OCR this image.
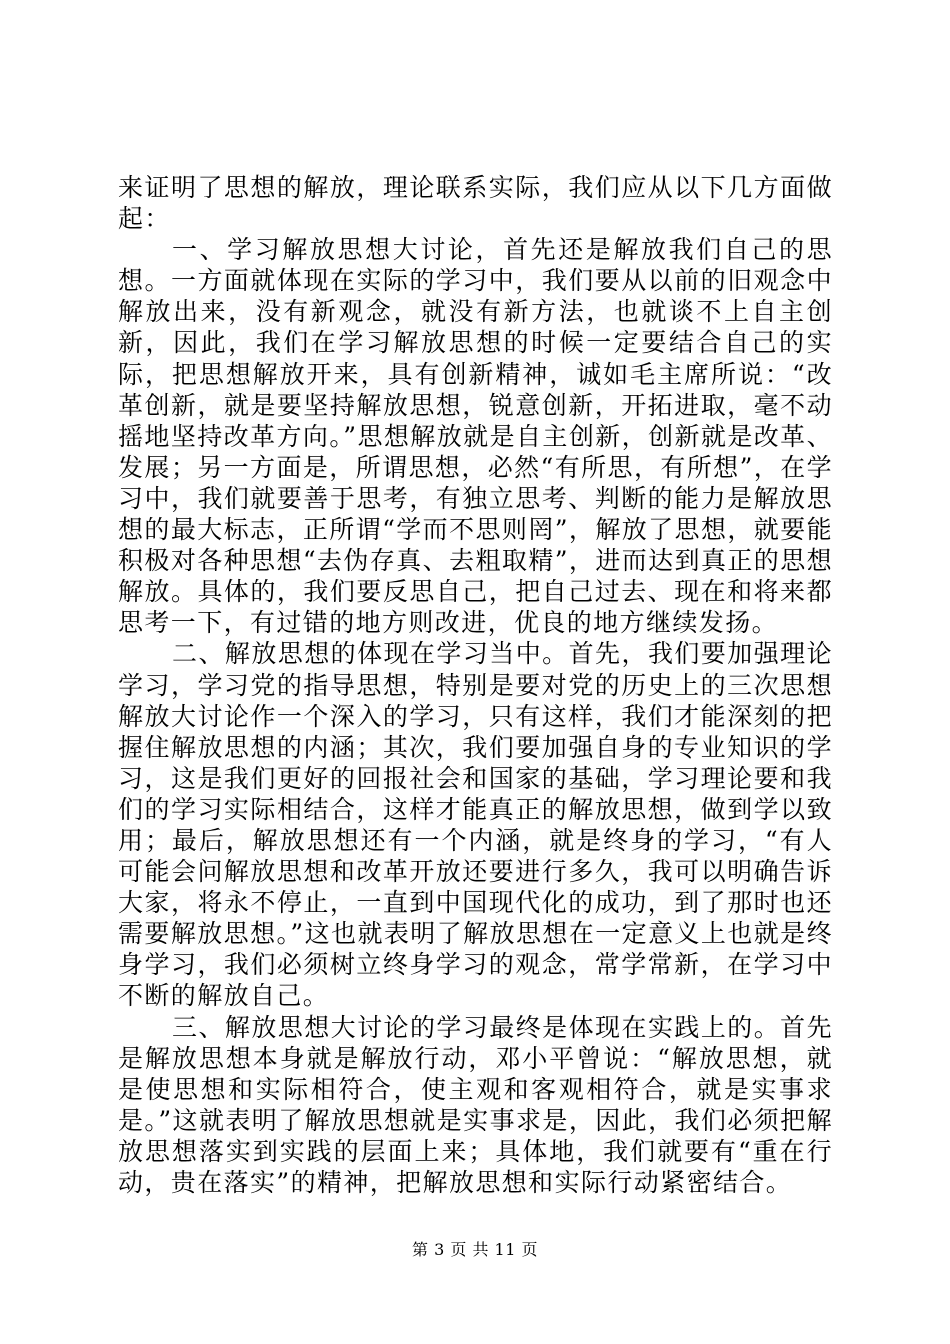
来证明了思想的解放，理论联系实际，我们应从以下几方面做起：

一、学习解放思想大讨论，首先还是解放我们自己的思想。一方面就体现在实际的学习中，我们要从以前的旧观念中解放出来，没有新观念，就没有新方法，也就谈不上自主创新，因此，我们在学习解放思想的时候一定要结合自己的实际，把思想解放开来，具有创新精神，诚如毛主席所说：“改革创新，就是要坚持解放思想，锐意创新，开拓进取，毫不动摇地坚持改革方向。”思想解放就是自主创新，创新就是改革、发展；另一方面是，所谓思想，必然“有所思，有所想”，在学习中，我们就要善于思考，有独立思考、判断的能力是解放思想的最大标志，正所谓“学而不思则罔”，解放了思想，就要能积极对各种思想“去伪存真、去粗取精”，进而达到真正的思想解放。具体的，我们要反思自己，把自己过去、现在和将来都思考一下，有过错的地方则改进，优良的地方继续发扬。

二、解放思想的体现在学习当中。首先，我们要加强理论学习，学习党的指导思想，特别是要对党的历史上的三次思想解放大讨论作一个深入的学习，只有这样，我们才能深刻的把握住解放思想的内涵；其次，我们要加强自身的专业知识的学习，这是我们更好的回报社会和国家的基础，学习理论要和我们的学习实际相结合，这样才能真正的解放思想，做到学以致用；最后，解放思想还有一个内涵，就是终身的学习，“有人可能会问解放思想和改革开放还要进行多久，我可以明确告诉大家，将永不停止，一直到中国现代化的成功，到了那时也还需要解放思想。”这也就表明了解放思想在一定意义上也就是终身学习，我们必须树立终身学习的观念，常学常新，在学习中不断的解放自己。

三、解放思想大讨论的学习最终是体现在实践上的。首先是解放思想本身就是解放行动，邓小平曾说：“解放思想，就是使思想和实际相符合，使主观和客观相符合，就是实事求是。”这就表明了解放思想就是实事求是，因此，我们必须把解放思想落实到实践的层面上来；具体地，我们就要有“重在行动，贵在落实”的精神，把解放思想和实际行动紧密结合。

第 3 页 共 11 页
